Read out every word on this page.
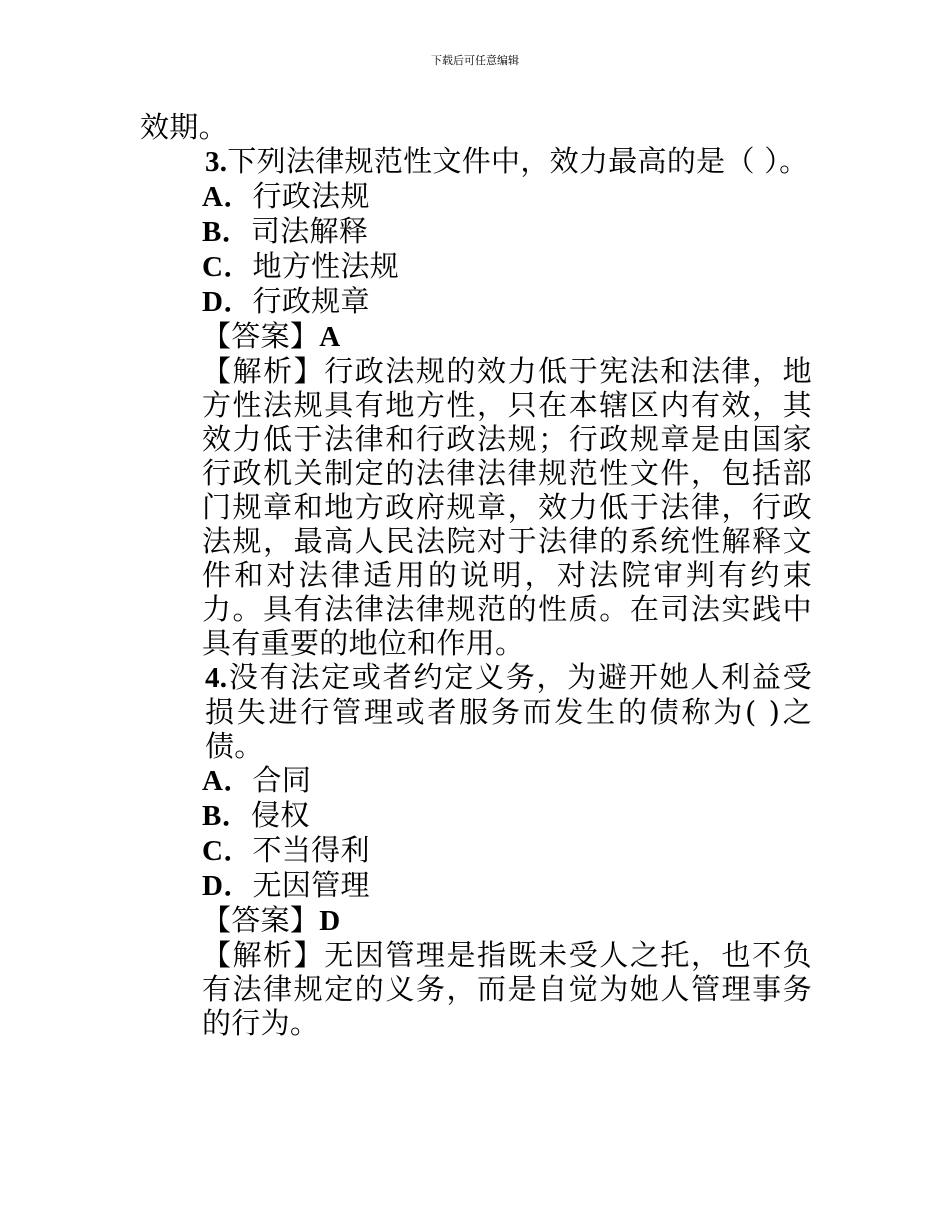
下载后可任意编辑

效期。

3.下列法律规范性文件中，效力最高的是（ ）。

A．行政法规

B．司法解释

C．地方性法规

D．行政规章

【答案】A

【解析】行政法规的效力低于宪法和法律，地方性法规具有地方性，只在本辖区内有效，其效力低于法律和行政法规；行政规章是由国家行政机关制定的法律法律规范性文件，包括部门规章和地方政府规章，效力低于法律，行政法规，最高人民法院对于法律的系统性解释文件和对法律适用的说明，对法院审判有约束力。具有法律法律规范的性质。在司法实践中具有重要的地位和作用。

4.没有法定或者约定义务，为避开她人利益受损失进行管理或者服务而发生的债称为( )之债。

A．合同

B．侵权

C．不当得利

D．无因管理

【答案】D

【解析】无因管理是指既未受人之托，也不负有法律规定的义务，而是自觉为她人管理事务的行为。
